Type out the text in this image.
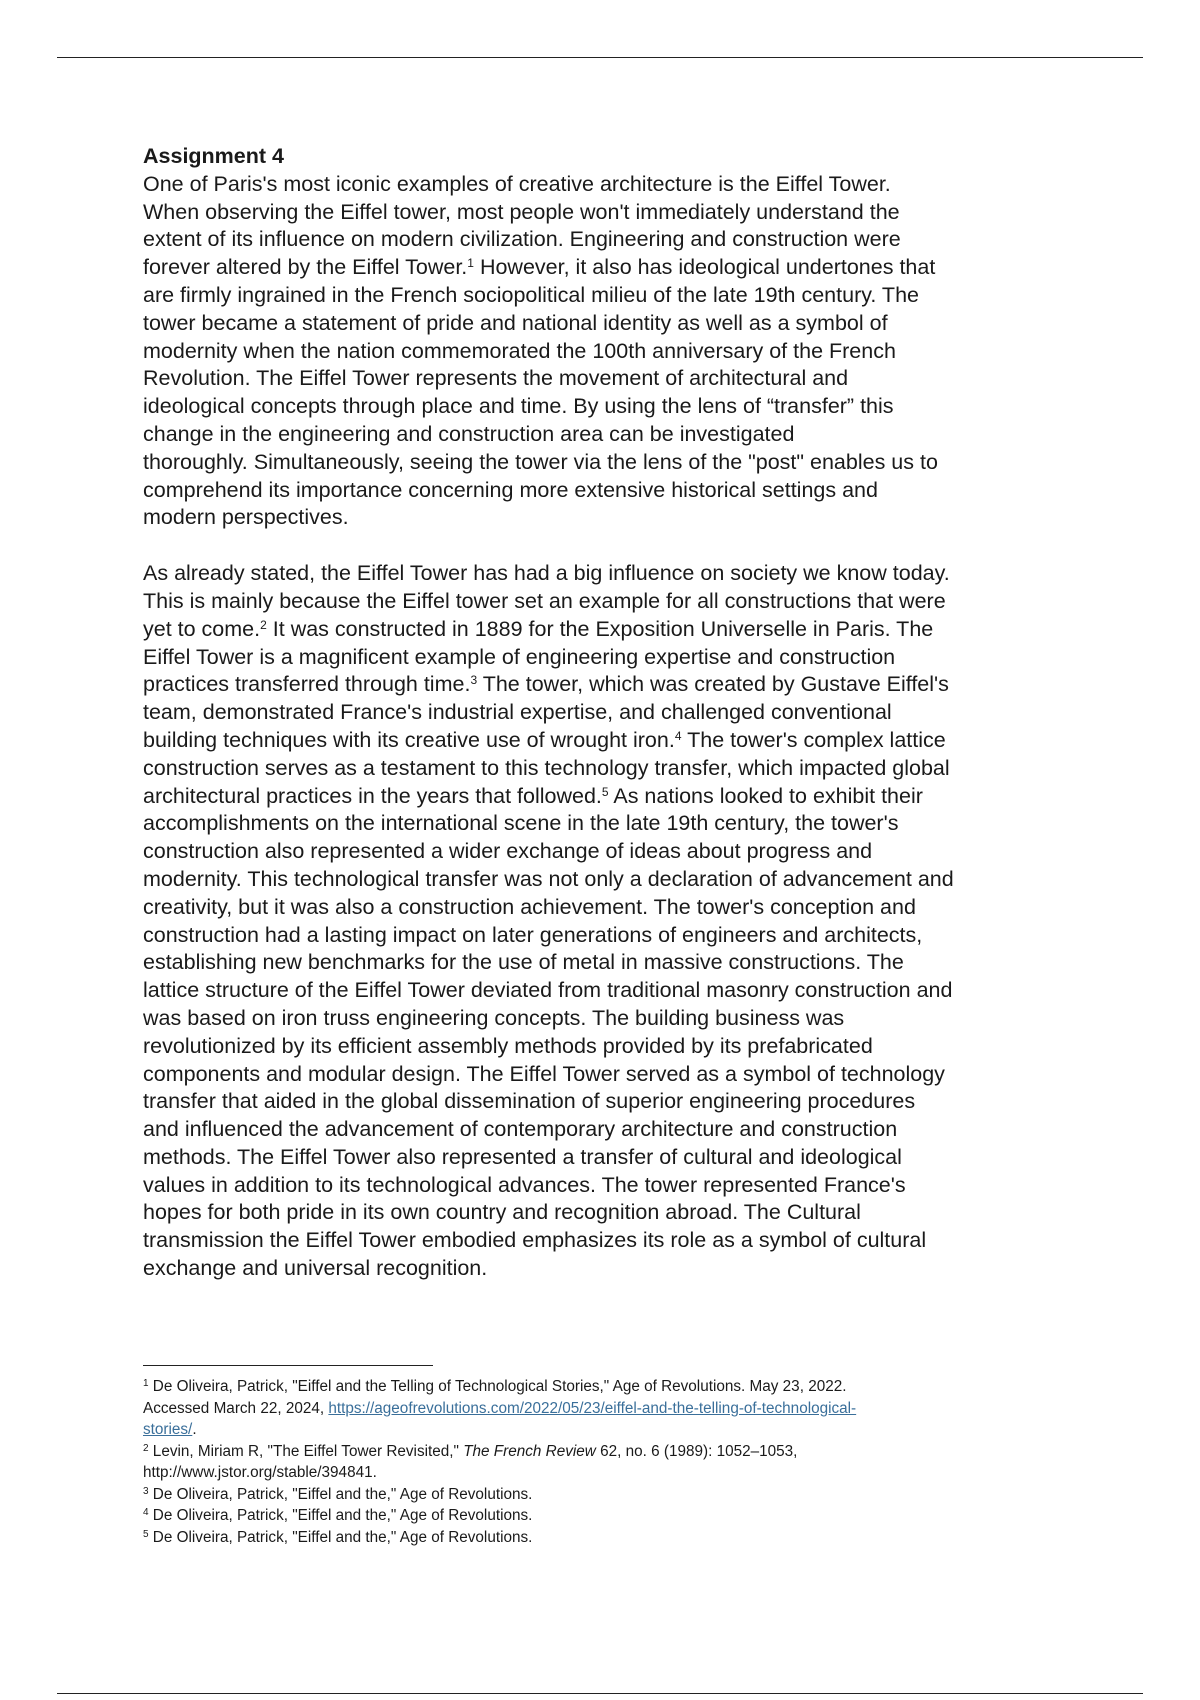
Assignment 4
One of Paris's most iconic examples of creative architecture is the Eiffel Tower.
When observing the Eiffel tower, most people won't immediately understand the
extent of its influence on modern civilization. Engineering and construction were
forever altered by the Eiffel Tower.$^1$ However, it also has ideological undertones that
are firmly ingrained in the French sociopolitical milieu of the late 19th century. The
tower became a statement of pride and national identity as well as a symbol of
modernity when the nation commemorated the 100th anniversary of the French
Revolution. The Eiffel Tower represents the movement of architectural and
ideological concepts through place and time. By using the lens of “transfer” this
change in the engineering and construction area can be investigated
thoroughly. Simultaneously, seeing the tower via the lens of the "post" enables us to
comprehend its importance concerning more extensive historical settings and
modern perspectives.
As already stated, the Eiffel Tower has had a big influence on society we know today.
This is mainly because the Eiffel tower set an example for all constructions that were
yet to come.$^2$ It was constructed in 1889 for the Exposition Universelle in Paris. The
Eiffel Tower is a magnificent example of engineering expertise and construction
practices transferred through time.$^3$ The tower, which was created by Gustave Eiffel's
team, demonstrated France's industrial expertise, and challenged conventional
building techniques with its creative use of wrought iron.$^4$ The tower's complex lattice
construction serves as a testament to this technology transfer, which impacted global
architectural practices in the years that followed.$^5$ As nations looked to exhibit their
accomplishments on the international scene in the late 19th century, the tower's
construction also represented a wider exchange of ideas about progress and
modernity. This technological transfer was not only a declaration of advancement and
creativity, but it was also a construction achievement. The tower's conception and
construction had a lasting impact on later generations of engineers and architects,
establishing new benchmarks for the use of metal in massive constructions. The
lattice structure of the Eiffel Tower deviated from traditional masonry construction and
was based on iron truss engineering concepts. The building business was
revolutionized by its efficient assembly methods provided by its prefabricated
components and modular design. The Eiffel Tower served as a symbol of technology
transfer that aided in the global dissemination of superior engineering procedures
and influenced the advancement of contemporary architecture and construction
methods. The Eiffel Tower also represented a transfer of cultural and ideological
values in addition to its technological advances. The tower represented France's
hopes for both pride in its own country and recognition abroad. The Cultural
transmission the Eiffel Tower embodied emphasizes its role as a symbol of cultural
exchange and universal recognition.
$^1$ De Oliveira, Patrick, "Eiffel and the Telling of Technological Stories," Age of Revolutions. May 23, 2022.
Accessed March 22, 2024, https://ageofrevolutions.com/2022/05/23/eiffel-and-the-telling-of-technological-
stories/.
$^2$ Levin, Miriam R, "The Eiffel Tower Revisited," The French Review 62, no. 6 (1989): 1052–1053,
http://www.jstor.org/stable/394841.
$^3$ De Oliveira, Patrick, "Eiffel and the," Age of Revolutions.
$^4$ De Oliveira, Patrick, "Eiffel and the," Age of Revolutions.
$^5$ De Oliveira, Patrick, "Eiffel and the," Age of Revolutions.
